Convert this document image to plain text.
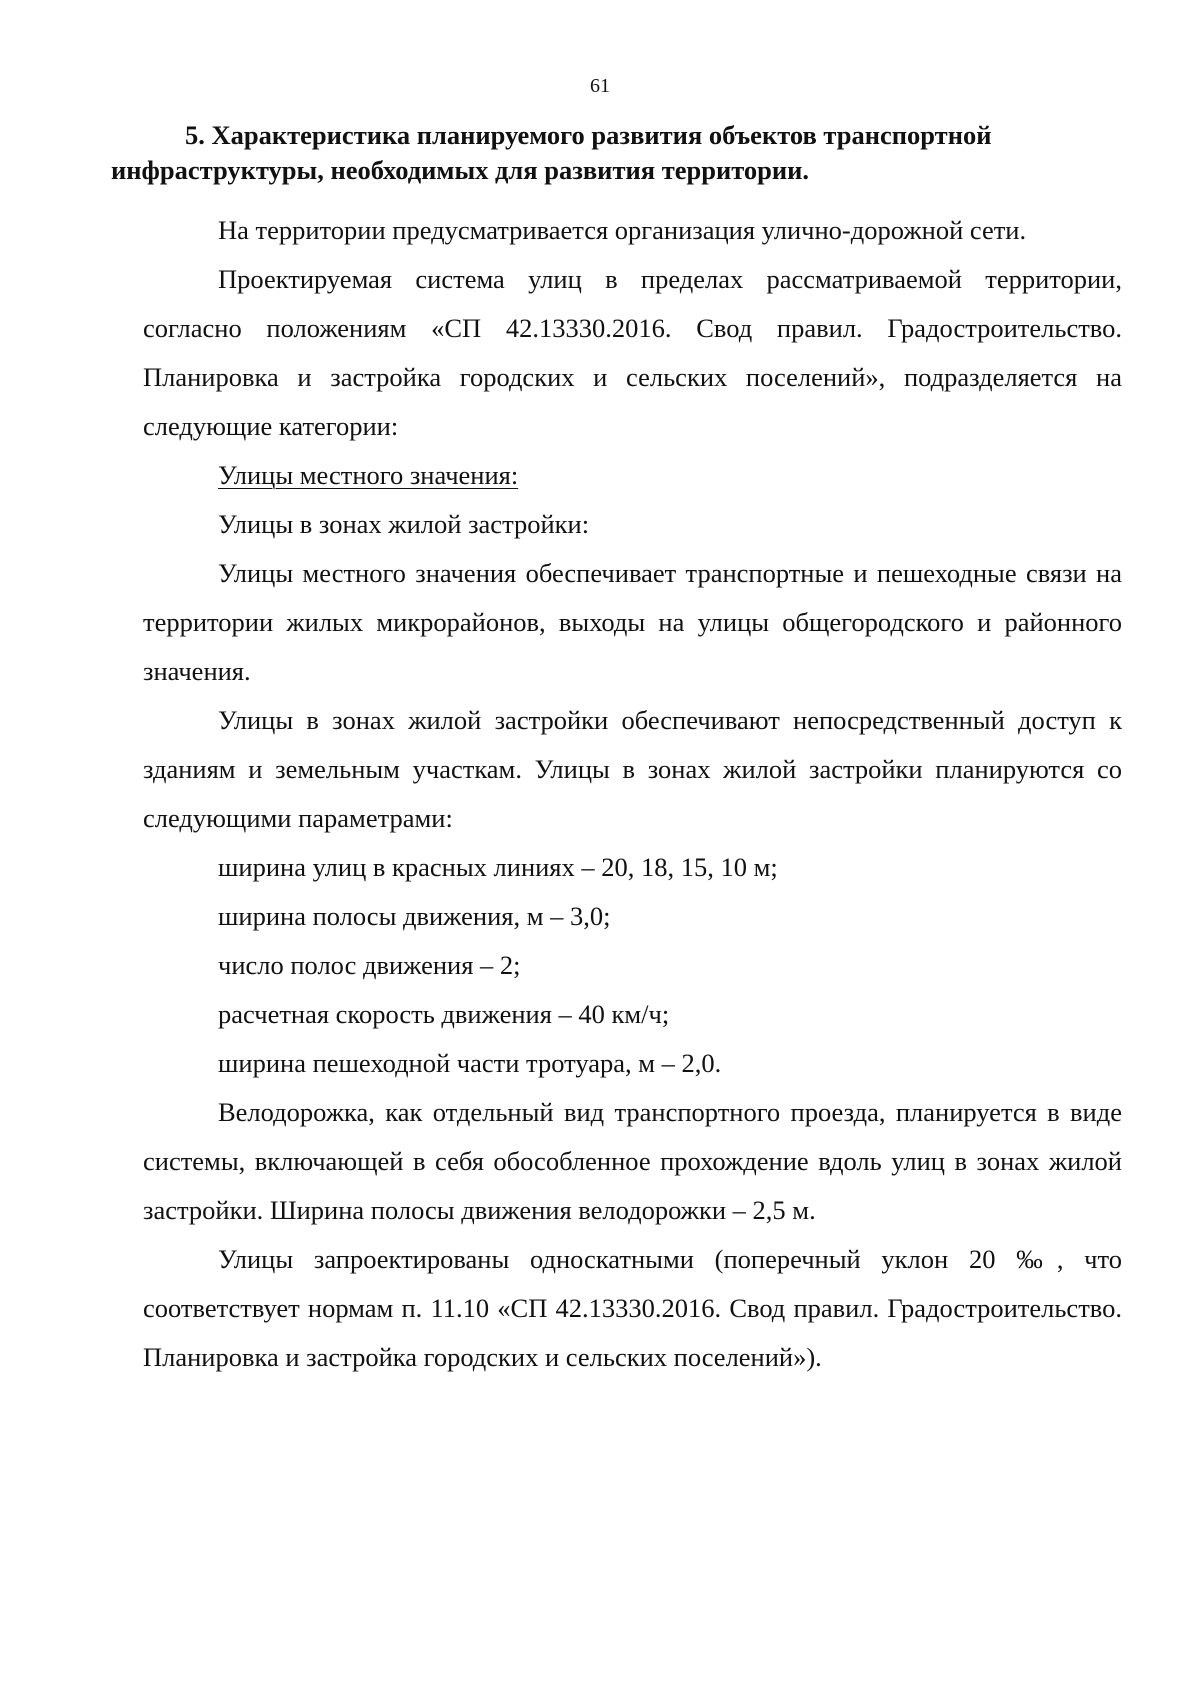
61
5. Характеристика планируемого развития объектов транспортной инфраструктуры, необходимых для развития территории.

На территории предусматривается организация улично-дорожной сети.

Проектируемая система улиц в пределах рассматриваемой территории, согласно положениям «СП 42.13330.2016. Свод правил. Градостроительство. Планировка и застройка городских и сельских поселений», подразделяется на следующие категории:

Улицы местного значения:

Улицы в зонах жилой застройки:

Улицы местного значения обеспечивает транспортные и пешеходные связи на территории жилых микрорайонов, выходы на улицы общегородского и районного значения.

Улицы в зонах жилой застройки обеспечивают непосредственный доступ к зданиям и земельным участкам. Улицы в зонах жилой застройки планируются со следующими параметрами:

ширина улиц в красных линиях – 20, 18, 15, 10 м;

ширина полосы движения, м – 3,0;

число полос движения – 2;

расчетная скорость движения – 40 км/ч;

ширина пешеходной части тротуара, м – 2,0.

Велодорожка, как отдельный вид транспортного проезда, планируется в виде системы, включающей в себя обособленное прохождение вдоль улиц в зонах жилой застройки. Ширина полосы движения велодорожки – 2,5 м.

Улицы запроектированы односкатными (поперечный уклон 20 ‰, что соответствует нормам п. 11.10 «СП 42.13330.2016. Свод правил. Градостроительство. Планировка и застройка городских и сельских поселений»).
